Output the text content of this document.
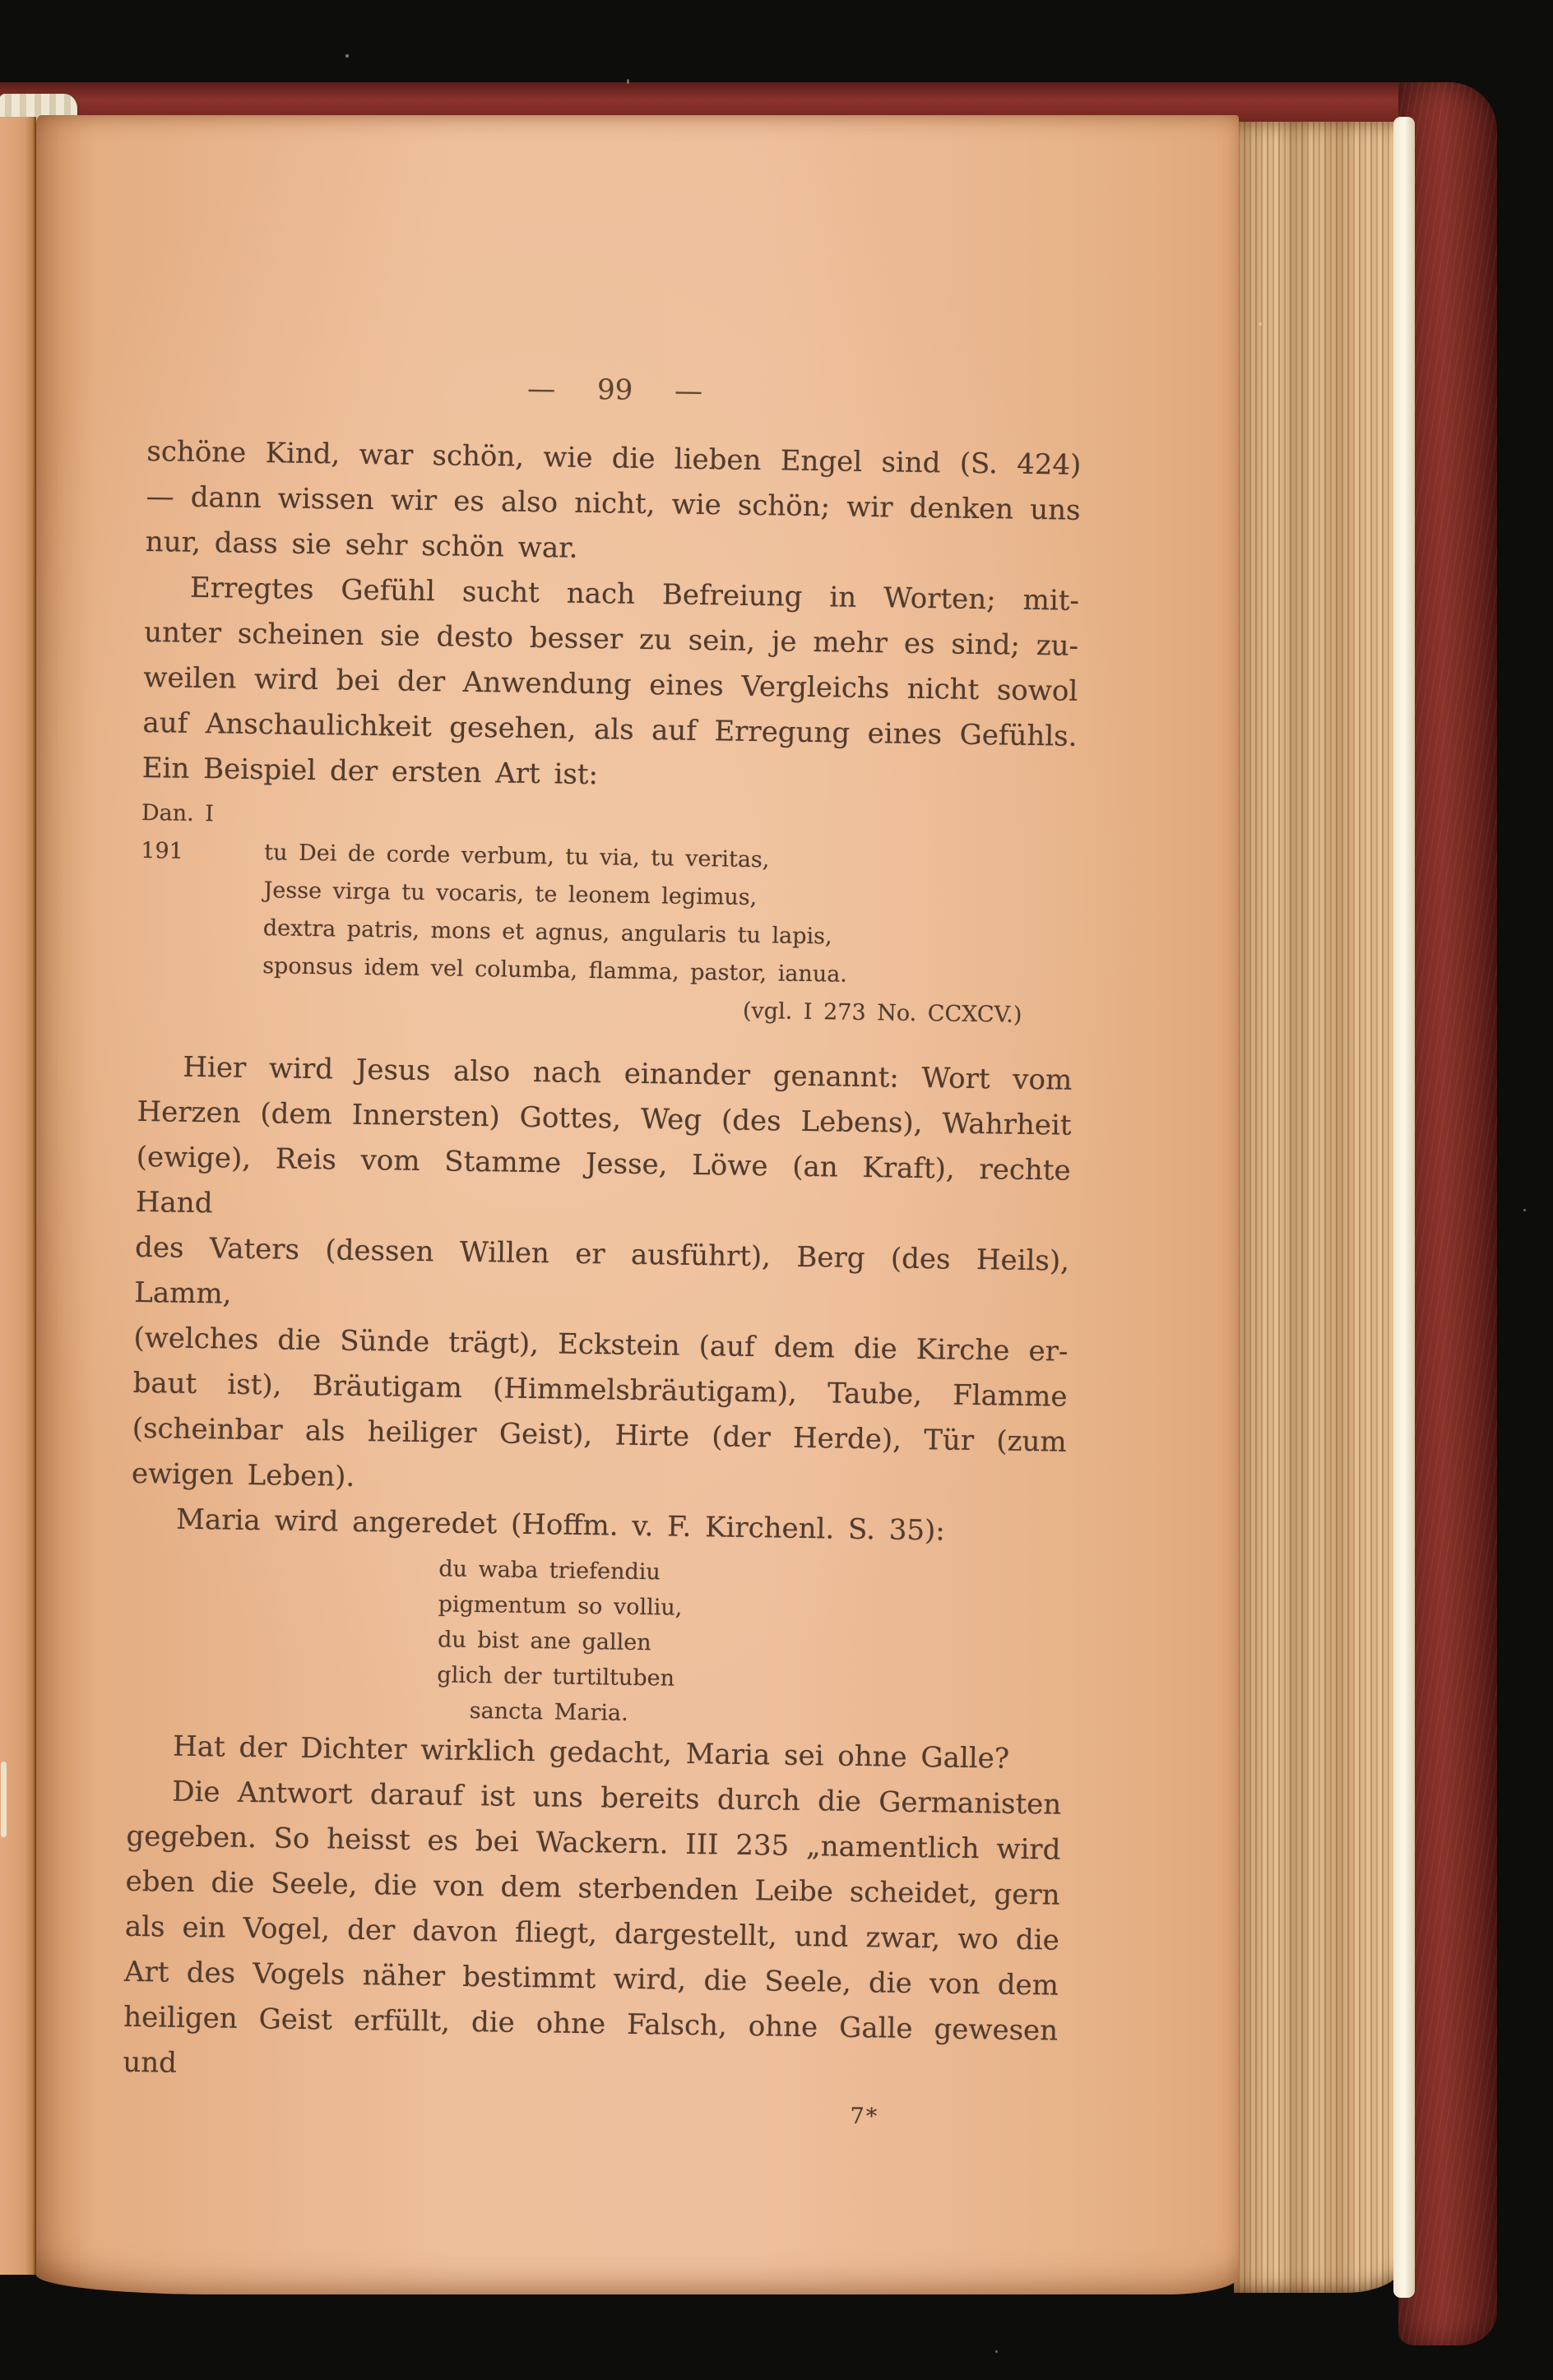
— 99 —
schöne Kind, war schön, wie die lieben Engel sind (S. 424)
— dann wissen wir es also nicht, wie schön; wir denken uns
nur, dass sie sehr schön war.
Erregtes Gefühl sucht nach Befreiung in Worten; mit-
unter scheinen sie desto besser zu sein, je mehr es sind; zu-
weilen wird bei der Anwendung eines Vergleichs nicht sowol
auf Anschaulichkeit gesehen, als auf Erregung eines Gefühls.
Ein Beispiel der ersten Art ist:
Dan. I 191	tu Dei de corde verbum, tu via, tu veritas,
Jesse virga tu vocaris, te leonem legimus,
dextra patris, mons et agnus, angularis tu lapis,
sponsus idem vel columba, flamma, pastor, ianua.
(vgl. I 273 No. CCXCV.)
Hier wird Jesus also nach einander genannt: Wort vom
Herzen (dem Innersten) Gottes, Weg (des Lebens), Wahrheit
(ewige), Reis vom Stamme Jesse, Löwe (an Kraft), rechte Hand
des Vaters (dessen Willen er ausführt), Berg (des Heils), Lamm,
(welches die Sünde trägt), Eckstein (auf dem die Kirche er-
baut ist), Bräutigam (Himmelsbräutigam), Taube, Flamme
(scheinbar als heiliger Geist), Hirte (der Herde), Tür (zum
ewigen Leben).
Maria wird angeredet (Hoffm. v. F. Kirchenl. S. 35):
du waba triefendiu
pigmentum so volliu,
du bist ane gallen
glich der turtiltuben
sancta Maria.
Hat der Dichter wirklich gedacht, Maria sei ohne Galle?
Die Antwort darauf ist uns bereits durch die Germanisten
gegeben. So heisst es bei Wackern. III 235 „namentlich wird
eben die Seele, die von dem sterbenden Leibe scheidet, gern
als ein Vogel, der davon fliegt, dargestellt, und zwar, wo die
Art des Vogels näher bestimmt wird, die Seele, die von dem
heiligen Geist erfüllt, die ohne Falsch, ohne Galle gewesen und
7*
